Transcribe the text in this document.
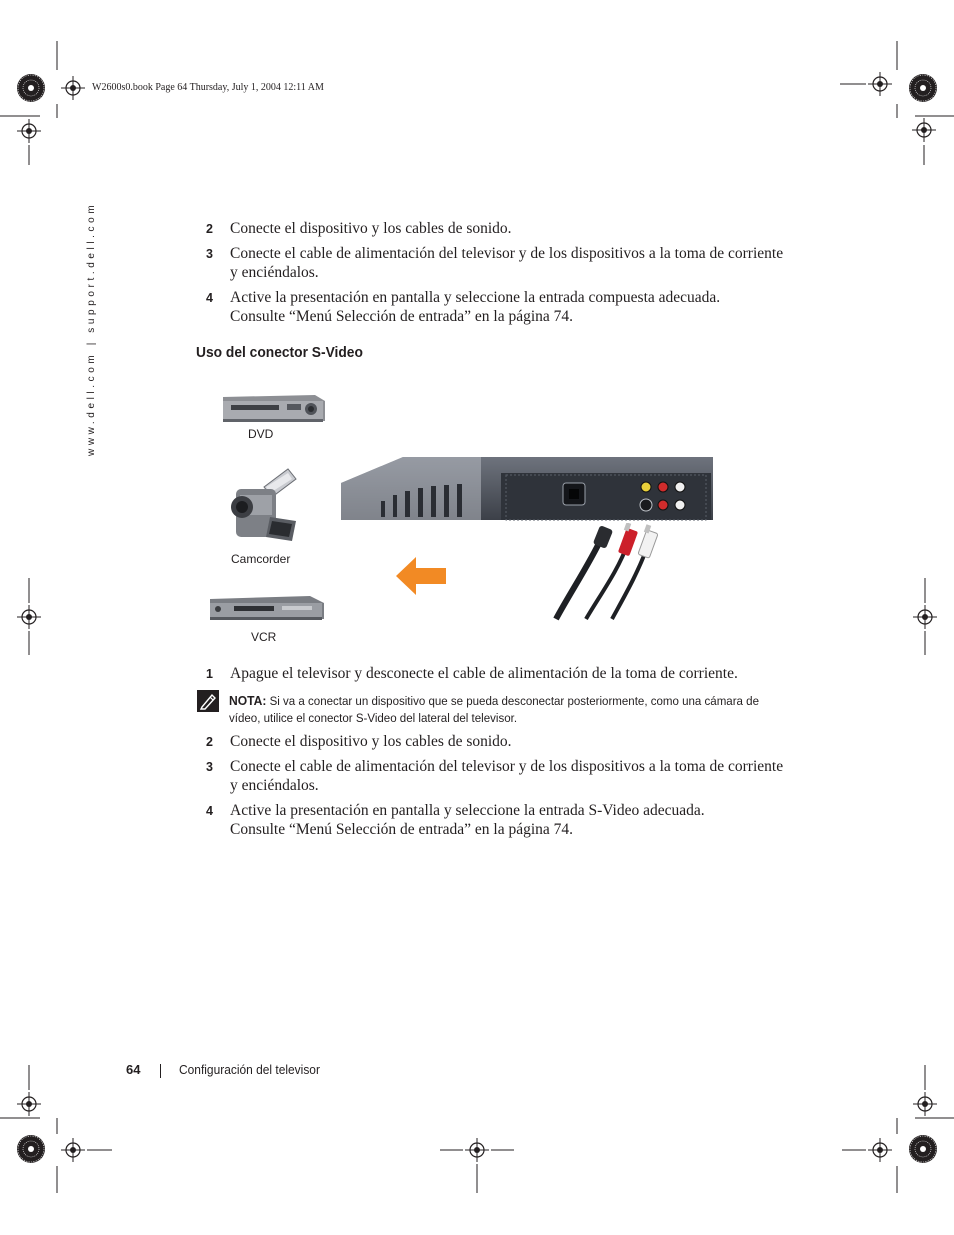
W2600s0.book Page 64 Thursday, July 1, 2004 12:11 AM
www.dell.com | support.dell.com	2 Conecte el dispositivo y los cables de sonido.
3 Conecte el cable de alimentación del televisor y de los dispositivos a la toma de corriente
y enciéndalos.
4 Active la presentación en pantalla y seleccione la entrada compuesta adecuada.
Consulte “Menú Selección de entrada” en la página 74.
Uso del conector S-Video
DVD
Camcorder
VCR
1 Apague el televisor y desconecte el cable de alimentación de la toma de corriente.
NOTA: Si va a conectar un dispositivo que se pueda desconectar posteriormente, como una cámara de vídeo, utilice el conector S-Video del lateral del televisor.
2 Conecte el dispositivo y los cables de sonido.
3 Conecte el cable de alimentación del televisor y de los dispositivos a la toma de corriente
y enciéndalos.
4 Active la presentación en pantalla y seleccione la entrada S-Video adecuada.
Consulte “Menú Selección de entrada” en la página 74.
64	Configuración del televisor
